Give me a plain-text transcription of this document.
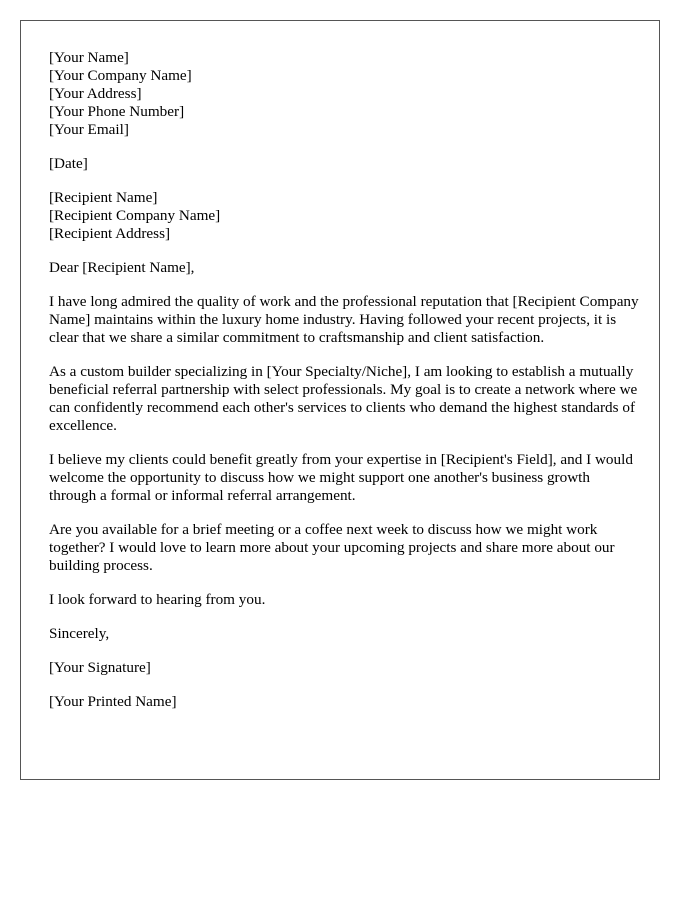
[Your Name]
[Your Company Name]
[Your Address]
[Your Phone Number]
[Your Email]
[Date]
[Recipient Name]
[Recipient Company Name]
[Recipient Address]

Dear [Recipient Name],

I have long admired the quality of work and the professional reputation that [Recipient Company Name] maintains within the luxury home industry. Having followed your recent projects, it is clear that we share a similar commitment to craftsmanship and client satisfaction.

As a custom builder specializing in [Your Specialty/Niche], I am looking to establish a mutually beneficial referral partnership with select professionals. My goal is to create a network where we can confidently recommend each other's services to clients who demand the highest standards of excellence.

I believe my clients could benefit greatly from your expertise in [Recipient's Field], and I would welcome the opportunity to discuss how we might support one another's business growth through a formal or informal referral arrangement.

Are you available for a brief meeting or a coffee next week to discuss how we might work together? I would love to learn more about your upcoming projects and share more about our building process.

I look forward to hearing from you.

Sincerely,

[Your Signature]

[Your Printed Name]
